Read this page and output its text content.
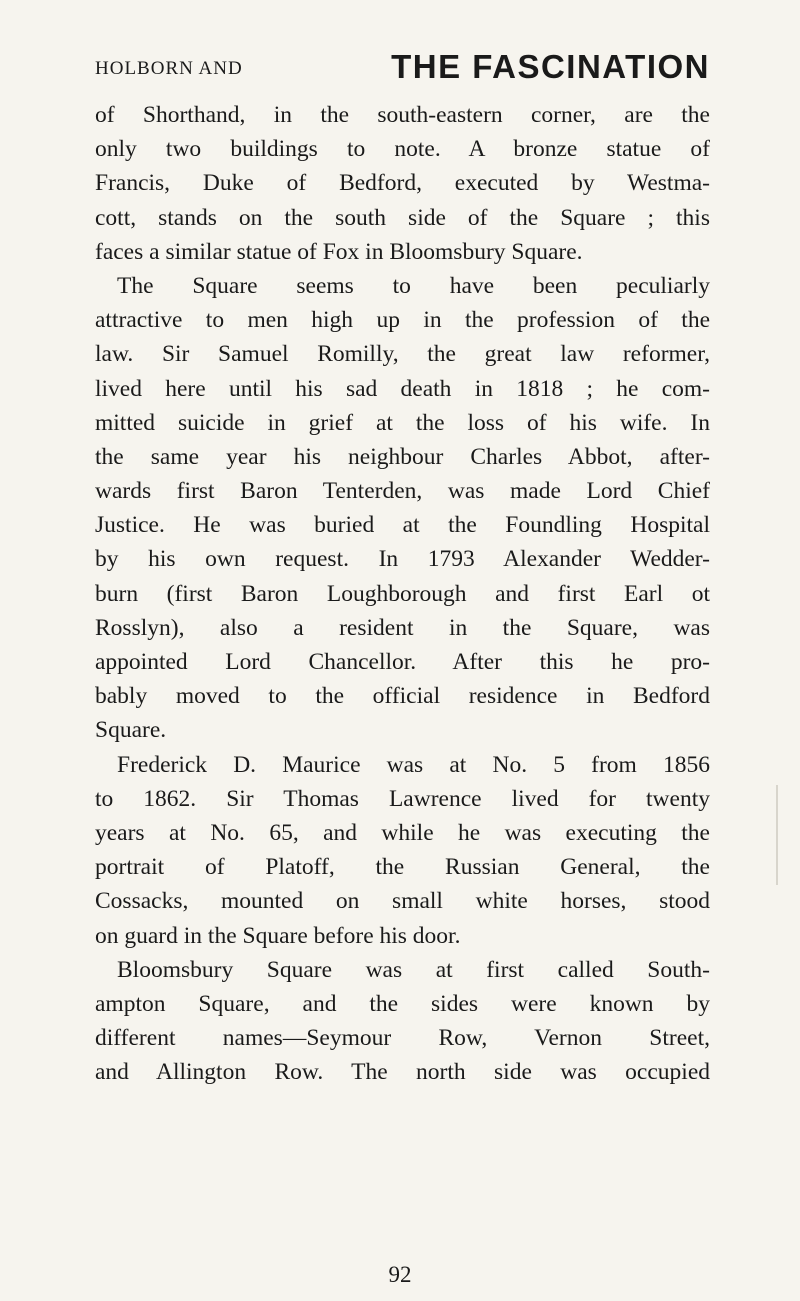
HOLBORN AND	THE FASCINATION
of Shorthand, in the south-eastern corner, are the
only two buildings to note. A bronze statue of
Francis, Duke of Bedford, executed by Westma-
cott, stands on the south side of the Square ; this
faces a similar statue of Fox in Bloomsbury Square.
The Square seems to have been peculiarly
attractive to men high up in the profession of the
law. Sir Samuel Romilly, the great law reformer,
lived here until his sad death in 1818 ; he com-
mitted suicide in grief at the loss of his wife. In
the same year his neighbour Charles Abbot, after-
wards first Baron Tenterden, was made Lord Chief
Justice. He was buried at the Foundling Hospital
by his own request. In 1793 Alexander Wedder-
burn (first Baron Loughborough and first Earl ot
Rosslyn), also a resident in the Square, was
appointed Lord Chancellor. After this he pro-
bably moved to the official residence in Bedford
Square.
Frederick D. Maurice was at No. 5 from 1856
to 1862. Sir Thomas Lawrence lived for twenty
years at No. 65, and while he was executing the
portrait of Platoff, the Russian General, the
Cossacks, mounted on small white horses, stood
on guard in the Square before his door.
Bloomsbury Square was at first called South-
ampton Square, and the sides were known by
different names—Seymour Row, Vernon Street,
and Allington Row. The north side was occupied
92
